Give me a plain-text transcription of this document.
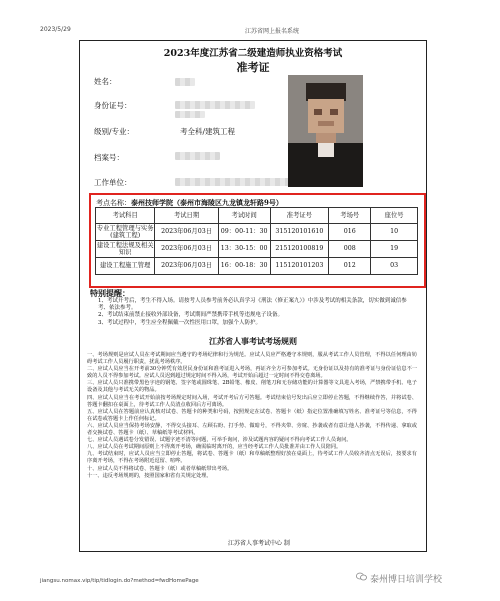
2023/5/29	江苏省网上报名系统
2023年度江苏省二级建造师执业资格考试
准考证
姓名：
身份证号：
级别/专业：	考全科/建筑工程
档案号：
工作单位：
江苏省人事考试考场规则
考点名称：泰州技师学院（泰州市海陵区九龙镇龙轩路9号）
考试科目	考试日期	考试时间	准考证号	考场号	座位号
专业工程管理与实务(建筑工程)	2023年06月03日	09：00-11：30	315120101610	016	10
建设工程法规及相关知识	2023年06月03日	13：30-15：00	215120100819	008	19
建设工程施工管理	2023年06月03日	16：00-18：30	115120101203	012	03
特别提醒：
1、考试开考后，考生不得入场。请按考人员参考前务必认真学习《刑法（修正案九）》中涉及考试的相关条款，切实做到诚信参考、依法参考。
2、考试结束前禁止接收外部设备，考试期间严禁携带手机等违规电子设备。
3、考试过程中，考生应全程佩戴一次性医用口罩，加强个人防护。
一、考场规则是应试人员在考试期间应当遵守的考场纪律和行为规范。应试人员应严格遵守本规则，服从考试工作人员管理，不得以任何理由妨碍考试工作人员履行职责，扰乱考场秩序。
二、应试人员应当在开考前30分钟凭有效居民身份证和准考证进入考场，再证齐全方可参加考试。无身份证以及持有的准考证与身份证信息不一致的人员不得参加考试。应试人员迟到超过规定时间不得入场，考试开始后超过一定时间不得交卷离场。
三、应试人员只准携带黑色字迹的钢笔、签字笔或圆珠笔、2B铅笔、橡皮、削笔刀和无存储功能的计算器等文具进入考场，严禁携带手机、电子设备及其他与考试无关的物品。
四、应试人员应当在考试开始前按考场规定时间入场，考试开考后方可答题。考试结束信号发出后应立即停止答题，不得继续作答，并将试卷、答题卡翻扣在桌面上，待考试工作人员清点收回后方可离场。
五、应试人员在答题前应认真核对试卷、答题卡的种类和号码，按照规定在试卷、答题卡（纸）指定位置准确填写姓名、准考证号等信息，不得在试卷或答题卡上作任何标记。
六、应试人员应当保持考场安静，不得交头接耳、左顾右盼、打手势、做暗号，不得夹带、旁窥、抄袭或者有意让他人抄袭，不得传递、拿取或者交换试卷、答题卡（纸）、草稿纸等考试材料。
七、应试人员遇试卷分发错误、试题字迹不清等问题，可举手询问，涉及试题内容的疑问不得向考试工作人员询问。
八、应试人员在考试期间原则上不得离开考场，确需临时离开的，应当经考试工作人员批准并由工作人员陪同。
九、考试结束时，应试人员应当立即停止答题，将试卷、答题卡（纸）和草稿纸整理好放在桌面上，待考试工作人员收齐清点无误后，按要求有序离开考场，不得在考场附近逗留、喧哗。
十、应试人员不得将试卷、答题卡（纸）或者草稿纸带出考场。
十一、违反考场规则的，按照国家和省有关规定处理。
江苏省人事考试中心 制
jiangsu.nomax.vip/tip/tidlogin.do?method=fwdHomePage	泰州博日培训学校
